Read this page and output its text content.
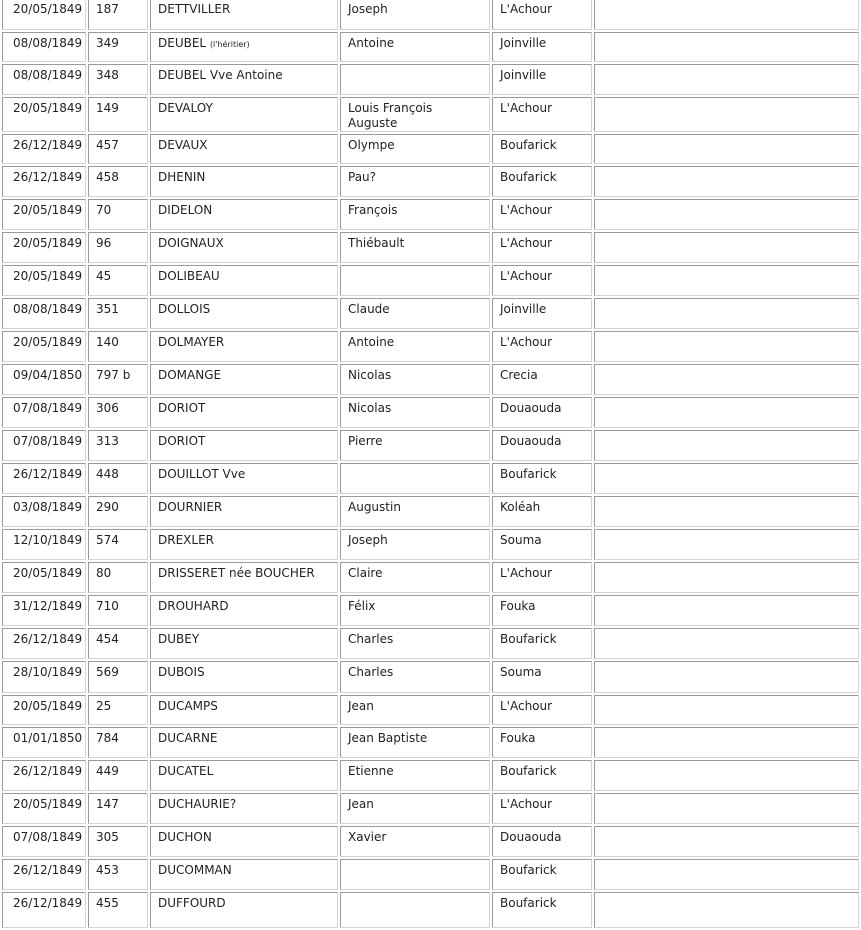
20/05/1849	187	DETTVILLER	Joseph	L'Achour	
08/08/1849	349	DEUBEL (l'héritier)	Antoine	Joinville	
08/08/1849	348	DEUBEL Vve Antoine		Joinville	
20/05/1849	149	DEVALOY	Louis François Auguste	L'Achour	
26/12/1849	457	DEVAUX	Olympe	Boufarick	
26/12/1849	458	DHENIN	Pau?	Boufarick	
20/05/1849	70	DIDELON	François	L'Achour	
20/05/1849	96	DOIGNAUX	Thiébault	L'Achour	
20/05/1849	45	DOLIBEAU		L'Achour	
08/08/1849	351	DOLLOIS	Claude	Joinville	
20/05/1849	140	DOLMAYER	Antoine	L'Achour	
09/04/1850	797 b	DOMANGE	Nicolas	Crecia	
07/08/1849	306	DORIOT	Nicolas	Douaouda	
07/08/1849	313	DORIOT	Pierre	Douaouda	
26/12/1849	448	DOUILLOT Vve		Boufarick	
03/08/1849	290	DOURNIER	Augustin	Koléah	
12/10/1849	574	DREXLER	Joseph	Souma	
20/05/1849	80	DRISSERET née BOUCHER	Claire	L'Achour	
31/12/1849	710	DROUHARD	Félix	Fouka	
26/12/1849	454	DUBEY	Charles	Boufarick	
28/10/1849	569	DUBOIS	Charles	Souma	
20/05/1849	25	DUCAMPS	Jean	L'Achour	
01/01/1850	784	DUCARNE	Jean Baptiste	Fouka	
26/12/1849	449	DUCATEL	Etienne	Boufarick	
20/05/1849	147	DUCHAURIE?	Jean	L'Achour	
07/08/1849	305	DUCHON	Xavier	Douaouda	
26/12/1849	453	DUCOMMAN		Boufarick	
26/12/1849	455	DUFFOURD		Boufarick	
